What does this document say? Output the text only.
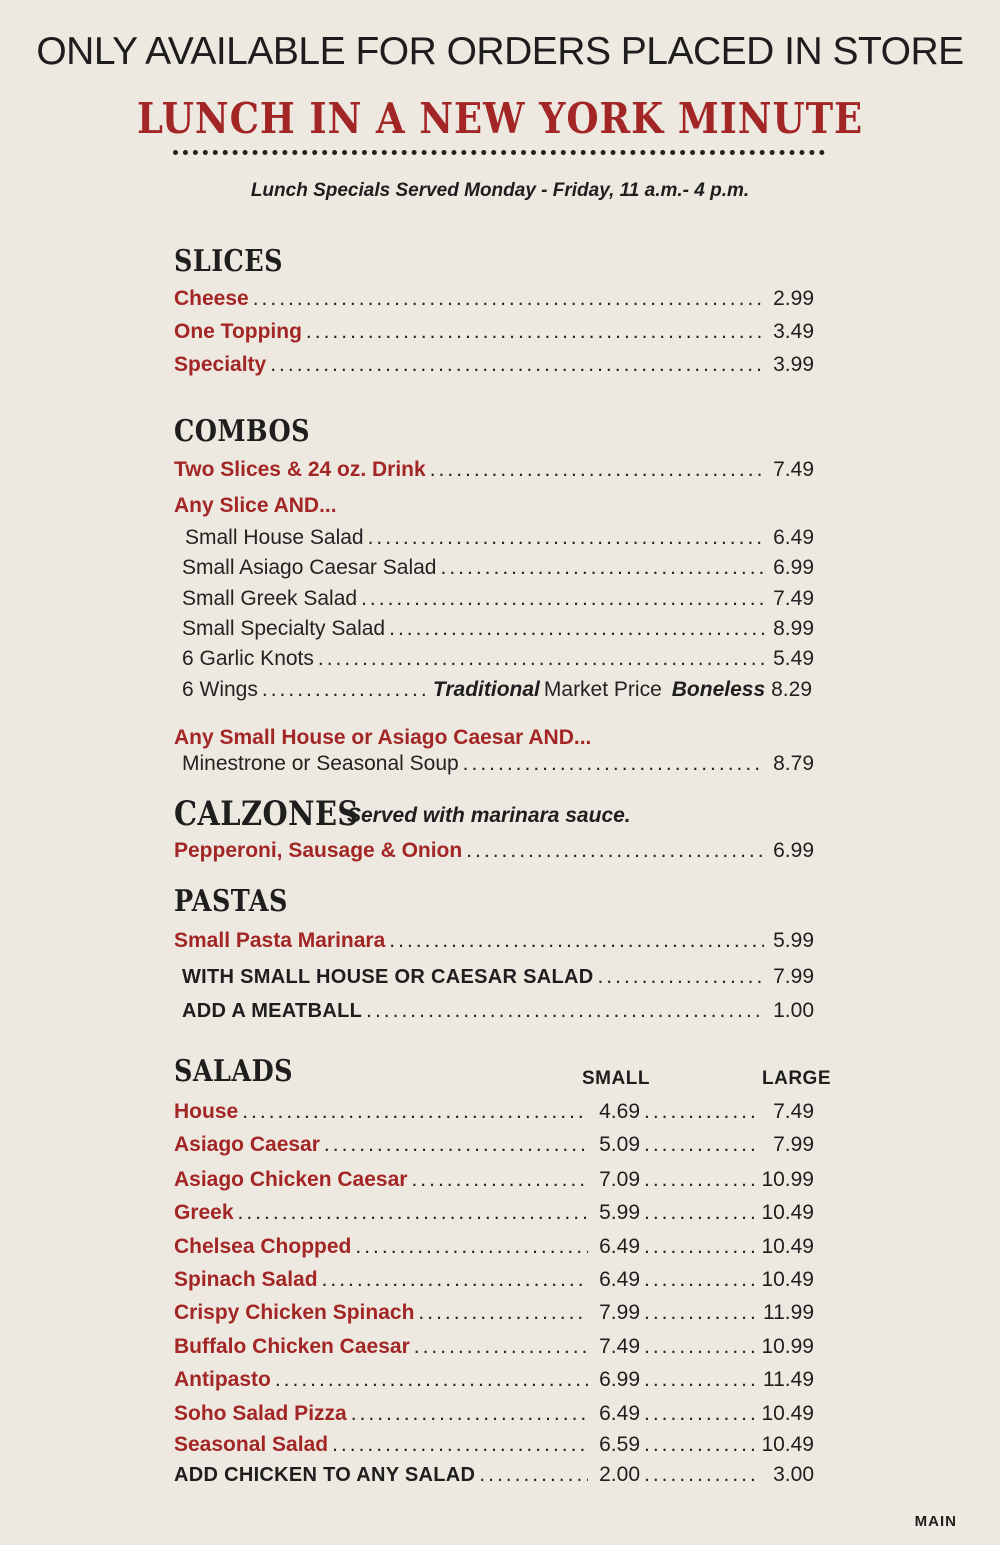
ONLY AVAILABLE FOR ORDERS PLACED IN STORE
LUNCH IN A NEW YORK MINUTE
Lunch Specials Served Monday - Friday, 11 a.m.- 4 p.m.
SLICES
Cheese .....	2.99
One Topping .....	3.49
Specialty .....	3.99
COMBOS
Two Slices & 24 oz. Drink .....	7.49
Any Slice AND...
Small House Salad .....	6.49
Small Asiago Caesar Salad .....	6.99
Small Greek Salad .....	7.49
Small Specialty Salad .....	8.99
6 Garlic Knots .....	5.49
6 Wings .....	Traditional Market Price Boneless 8.29
Any Small House or Asiago Caesar AND...
Minestrone or Seasonal Soup .....	8.79
CALZONES
Served with marinara sauce.
Pepperoni, Sausage & Onion .....	6.99
PASTAS
Small Pasta Marinara .....	5.99
WITH SMALL HOUSE OR CAESAR SALAD .....	7.99
ADD A MEATBALL .....	1.00
SALADS	SMALL	LARGE
House .....	4.69 .....	7.49
Asiago Caesar .....	5.09 .....	7.99
Asiago Chicken Caesar .....	7.09 .....	10.99
Greek .....	5.99 .....	10.49
Chelsea Chopped .....	6.49 .....	10.49
Spinach Salad .....	6.49 .....	10.49
Crispy Chicken Spinach .....	7.99 .....	11.99
Buffalo Chicken Caesar .....	7.49 .....	10.99
Antipasto .....	6.99 .....	11.49
Soho Salad Pizza .....	6.49 .....	10.49
Seasonal Salad .....	6.59 .....	10.49
ADD CHICKEN TO ANY SALAD .....	2.00 .....	3.00
MAIN
